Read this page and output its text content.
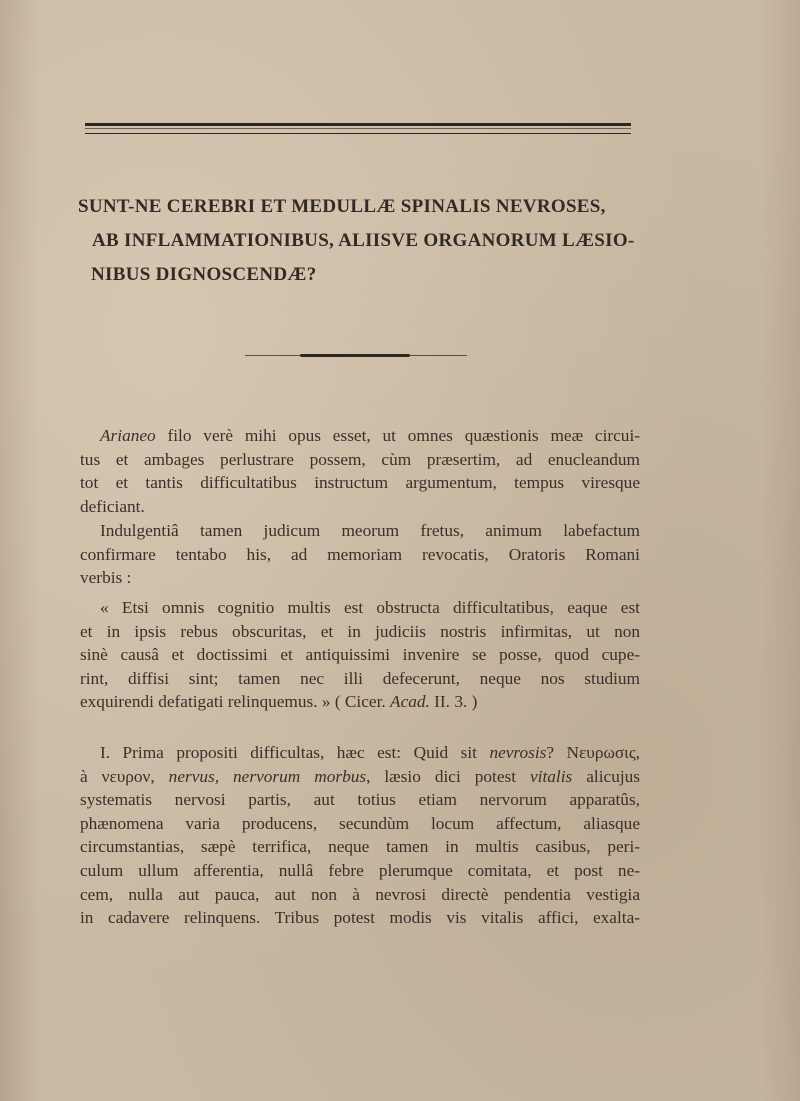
SUNT-NE CEREBRI ET MEDULLÆ SPINALIS NEVROSES,
AB INFLAMMATIONIBUS, ALIISVE ORGANORUM LÆSIO-
NIBUS DIGNOSCENDÆ?
Arianeo filo verè mihi opus esset, ut omnes quæstionis meæ circui-
tus et ambages perlustrare possem, cùm præsertim, ad enucleandum
tot et tantis difficultatibus instructum argumentum, tempus viresque
deficiant.
Indulgentiâ tamen judicum meorum fretus, animum labefactum
confirmare tentabo his, ad memoriam revocatis, Oratoris Romani
verbis :
« Etsi omnis cognitio multis est obstructa difficultatibus, eaque est
et in ipsis rebus obscuritas, et in judiciis nostris infirmitas, ut non
sinè causâ et doctissimi et antiquissimi invenire se posse, quod cupe-
rint, diffisi sint; tamen nec illi defecerunt, neque nos studium
exquirendi defatigati relinquemus. » ( Cicer. Acad. II. 3. )
I. Prima propositi difficultas, hæc est: Quid sit nevrosis? Νευρωσις,
à νευρον, nervus, nervorum morbus, læsio dici potest vitalis alicujus
systematis nervosi partis, aut totius etiam nervorum apparatûs,
phænomena varia producens, secundùm locum affectum, aliasque
circumstantias, sæpè terrifica, neque tamen in multis casibus, peri-
culum ullum afferentia, nullâ febre plerumque comitata, et post ne-
cem, nulla aut pauca, aut non à nevrosi directè pendentia vestigia
in cadavere relinquens. Tribus potest modis vis vitalis affici, exalta-
